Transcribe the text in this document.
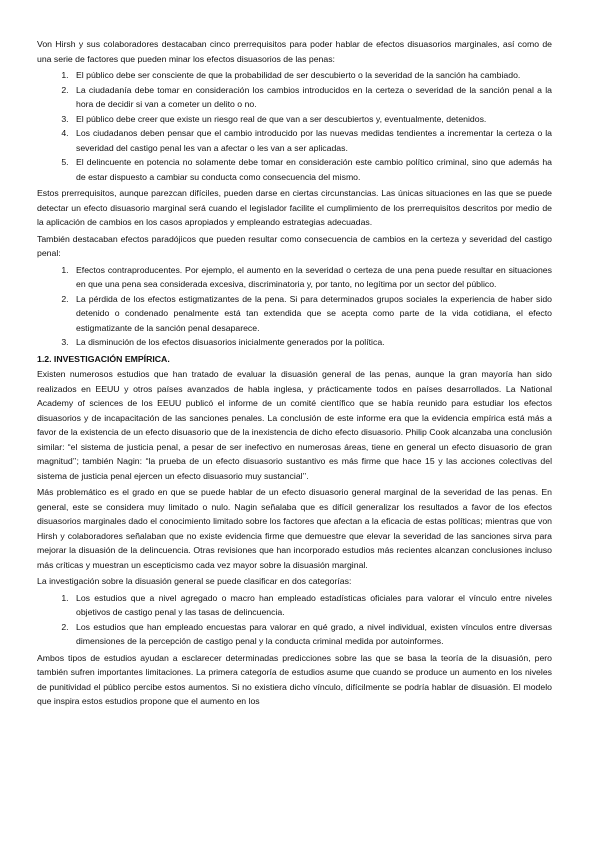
Von Hirsh y sus colaboradores destacaban cinco prerrequisitos para poder hablar de efectos disuasorios marginales, así como de una serie de factores que pueden minar los efectos disuasorios de las penas:

1. El público debe ser consciente de que la probabilidad de ser descubierto o la severidad de la sanción ha cambiado.
2. La ciudadanía debe tomar en consideración los cambios introducidos en la certeza o severidad de la sanción penal a la hora de decidir si van a cometer un delito o no.
3. El público debe creer que existe un riesgo real de que van a ser descubiertos y, eventualmente, detenidos.
4. Los ciudadanos deben pensar que el cambio introducido por las nuevas medidas tendientes a incrementar la certeza o la severidad del castigo penal les van a afectar o les van a ser aplicadas.
5. El delincuente en potencia no solamente debe tomar en consideración este cambio político criminal, sino que además ha de estar dispuesto a cambiar su conducta como consecuencia del mismo.

Estos prerrequisitos, aunque parezcan difíciles, pueden darse en ciertas circunstancias. Las únicas situaciones en las que se puede detectar un efecto disuasorio marginal será cuando el legislador facilite el cumplimiento de los prerrequisitos descritos por medio de la aplicación de cambios en los casos apropiados y empleando estrategias adecuadas.

También destacaban efectos paradójicos que pueden resultar como consecuencia de cambios en la certeza y severidad del castigo penal:

1. Efectos contraproducentes. Por ejemplo, el aumento en la severidad o certeza de una pena puede resultar en situaciones en que una pena sea considerada excesiva, discriminatoria y, por tanto, no legítima por un sector del público.
2. La pérdida de los efectos estigmatizantes de la pena. Si para determinados grupos sociales la experiencia de haber sido detenido o condenado penalmente está tan extendida que se acepta como parte de la vida cotidiana, el efecto estigmatizante de la sanción penal desaparece.
3. La disminución de los efectos disuasorios inicialmente generados por la política.
1.2. INVESTIGACIÓN EMPÍRICA.

Existen numerosos estudios que han tratado de evaluar la disuasión general de las penas, aunque la gran mayoría han sido realizados en EEUU y otros países avanzados de habla inglesa, y prácticamente todos en países desarrollados. La National Academy of sciences de los EEUU publicó el informe de un comité científico que se había reunido para estudiar los efectos disuasorios y de incapacitación de las sanciones penales. La conclusión de este informe era que la evidencia empírica está más a favor de la existencia de un efecto disuasorio que de la inexistencia de dicho efecto disuasorio. Philip Cook alcanzaba una conclusión similar: “el sistema de justicia penal, a pesar de ser inefectivo en numerosas áreas, tiene en general un efecto disuasorio de gran magnitud’’; también Nagin: “la prueba de un efecto disuasorio sustantivo es más firme que hace 15 y las acciones colectivas del sistema de justicia penal ejercen un efecto disuasorio muy sustancial’’.

Más problemático es el grado en que se puede hablar de un efecto disuasorio general marginal de la severidad de las penas. En general, este se considera muy limitado o nulo. Nagin señalaba que es difícil generalizar los resultados a favor de los efectos disuasorios marginales dado el conocimiento limitado sobre los factores que afectan a la eficacia de estas políticas; mientras que von Hirsh y colaboradores señalaban que no existe evidencia firme que demuestre que elevar la severidad de las sanciones sirva para mejorar la disuasión de la delincuencia. Otras revisiones que han incorporado estudios más recientes alcanzan conclusiones incluso más críticas y muestran un escepticismo cada vez mayor sobre la disuasión marginal.

La investigación sobre la disuasión general se puede clasificar en dos categorías:

1. Los estudios que a nivel agregado o macro han empleado estadísticas oficiales para valorar el vínculo entre niveles objetivos de castigo penal y las tasas de delincuencia.
2. Los estudios que han empleado encuestas para valorar en qué grado, a nivel individual, existen vínculos entre diversas dimensiones de la percepción de castigo penal y la conducta criminal medida por autoinformes.

Ambos tipos de estudios ayudan a esclarecer determinadas predicciones sobre las que se basa la teoría de la disuasión, pero también sufren importantes limitaciones. La primera categoría de estudios asume que cuando se produce un aumento en los niveles de punitividad el público percibe estos aumentos. Si no existiera dicho vínculo, difícilmente se podría hablar de disuasión. El modelo que inspira estos estudios propone que el aumento en los
